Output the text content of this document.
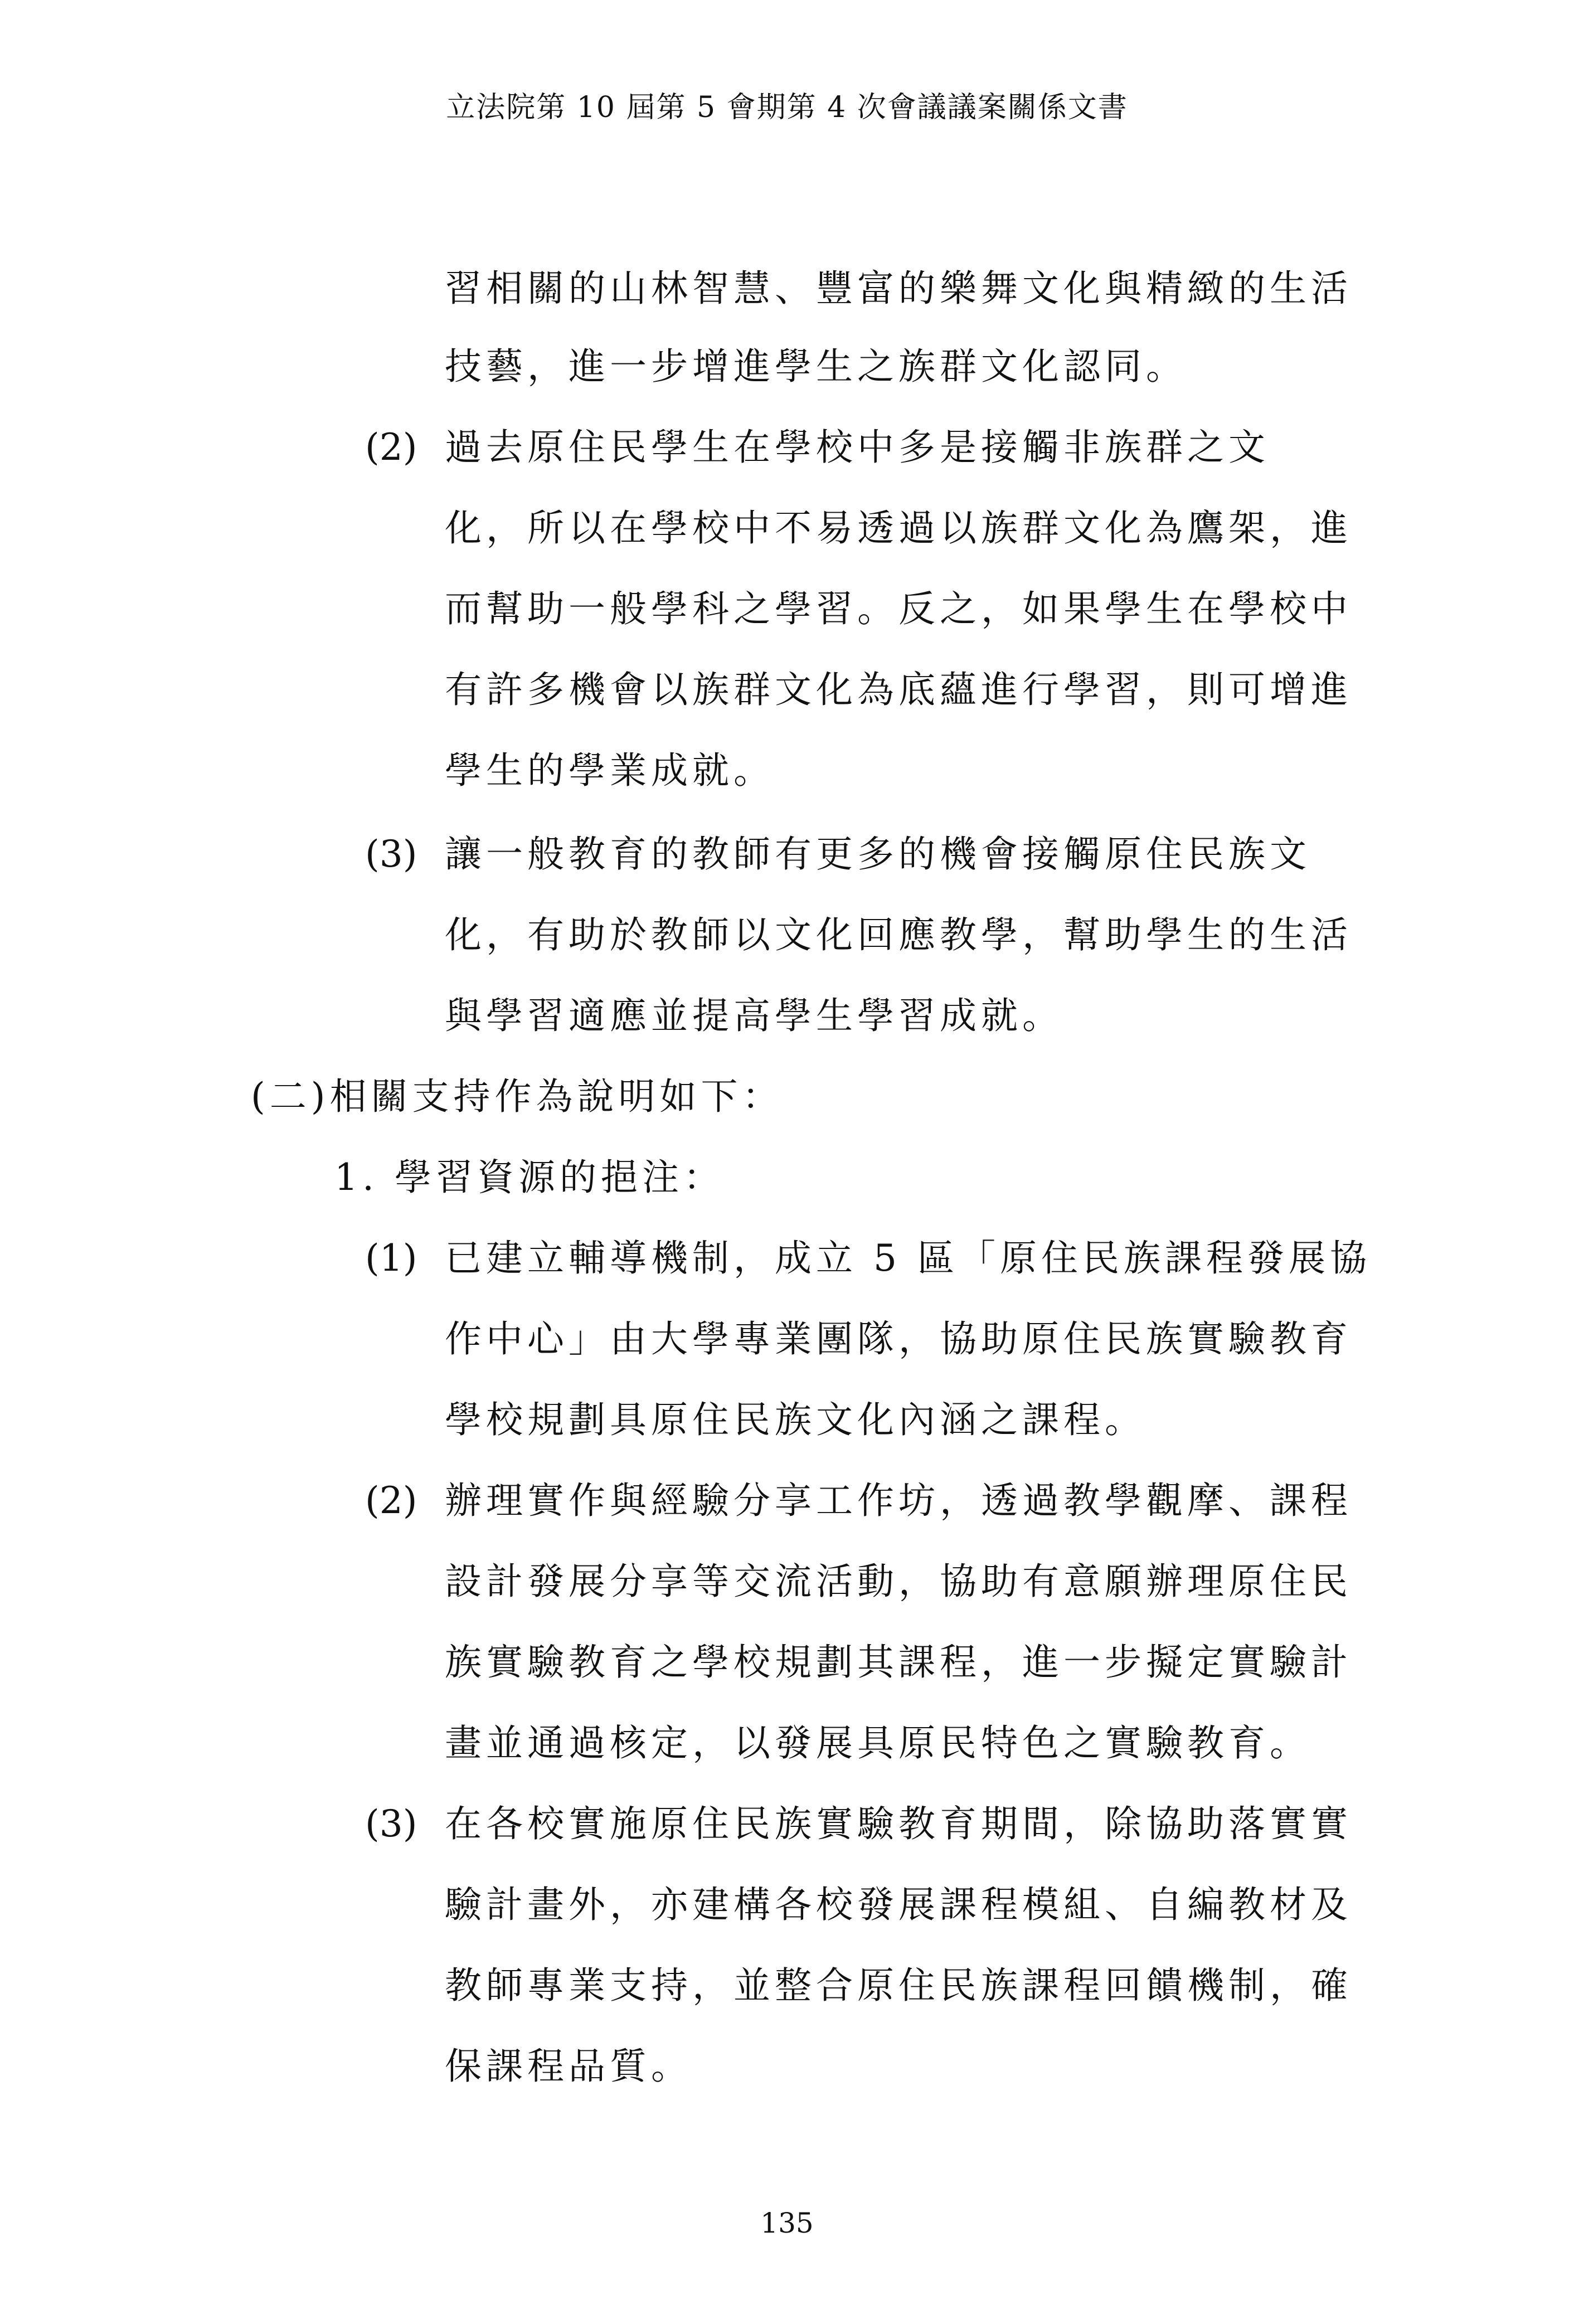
立法院第 10 屆第 5 會期第 4 次會議議案關係文書
習相關的山林智慧、豐富的樂舞文化與精緻的生活
技藝，進一步增進學生之族群文化認同。
(2) 過去原住民學生在學校中多是接觸非族群之文
化，所以在學校中不易透過以族群文化為鷹架，進
而幫助一般學科之學習。反之，如果學生在學校中
有許多機會以族群文化為底蘊進行學習，則可增進
學生的學業成就。
(3) 讓一般教育的教師有更多的機會接觸原住民族文
化，有助於教師以文化回應教學，幫助學生的生活
與學習適應並提高學生學習成就。
(二)相關支持作為說明如下：
1. 學習資源的挹注：
(1) 已建立輔導機制，成立 5 區「原住民族課程發展協
作中心」由大學專業團隊，協助原住民族實驗教育
學校規劃具原住民族文化內涵之課程。
(2) 辦理實作與經驗分享工作坊，透過教學觀摩、課程
設計發展分享等交流活動，協助有意願辦理原住民
族實驗教育之學校規劃其課程，進一步擬定實驗計
畫並通過核定，以發展具原民特色之實驗教育。
(3) 在各校實施原住民族實驗教育期間，除協助落實實
驗計畫外，亦建構各校發展課程模組、自編教材及
教師專業支持，並整合原住民族課程回饋機制，確
保課程品質。
135
